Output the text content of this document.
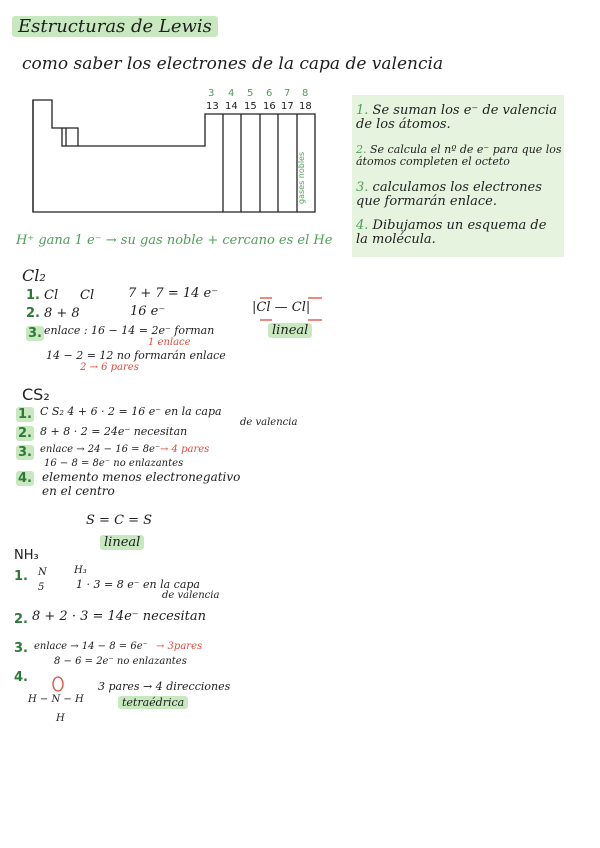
Estructuras de Lewis
como saber los electrones de la capa de valencia
3 4 5 6 7 8
13 14 15 16 17 18
gases nobles
H⁺ gana 1 e⁻ → su gas noble + cercano es el He
1. Se suman los e⁻ de valencia de los átomos.
2. Se calcula el nº de e⁻ para que los átomos completen el octeto
3. calculamos los electrones que formarán enlace.
4. Dibujamos un esquema de la molécula.
Cl₂
1. Cl Cl	7 + 7 = 14 e⁻
2. 8 + 8	16 e⁻
3. enlace : 16 − 14 = 2e⁻ forman
1 enlace
14 − 2 = 12 no formarán enlace
2 → 6 pares
|Cl — Cl|
lineal
CS₂
1. C S₂ 4 + 6 · 2 = 16 e⁻ en la capa
de valencia
2. 8 + 8 · 2 = 24e⁻ necesitan
3. enlace → 24 − 16 = 8e⁻ → 4 pares
16 − 8 = 8e⁻ no enlazantes
4. elemento menos electronegativo
en el centro
S = C = S
lineal
NH₃
1. N	H₃
5	1 · 3 = 8 e⁻ en la capa
de valencia
2. 8 + 2 · 3 = 14e⁻ necesitan
3. enlace → 14 − 8 = 6e⁻ → 3pares
8 − 6 = 2e⁻ no enlazantes
4.
H − N − H
H
3 pares → 4 direcciones
tetraédrica
